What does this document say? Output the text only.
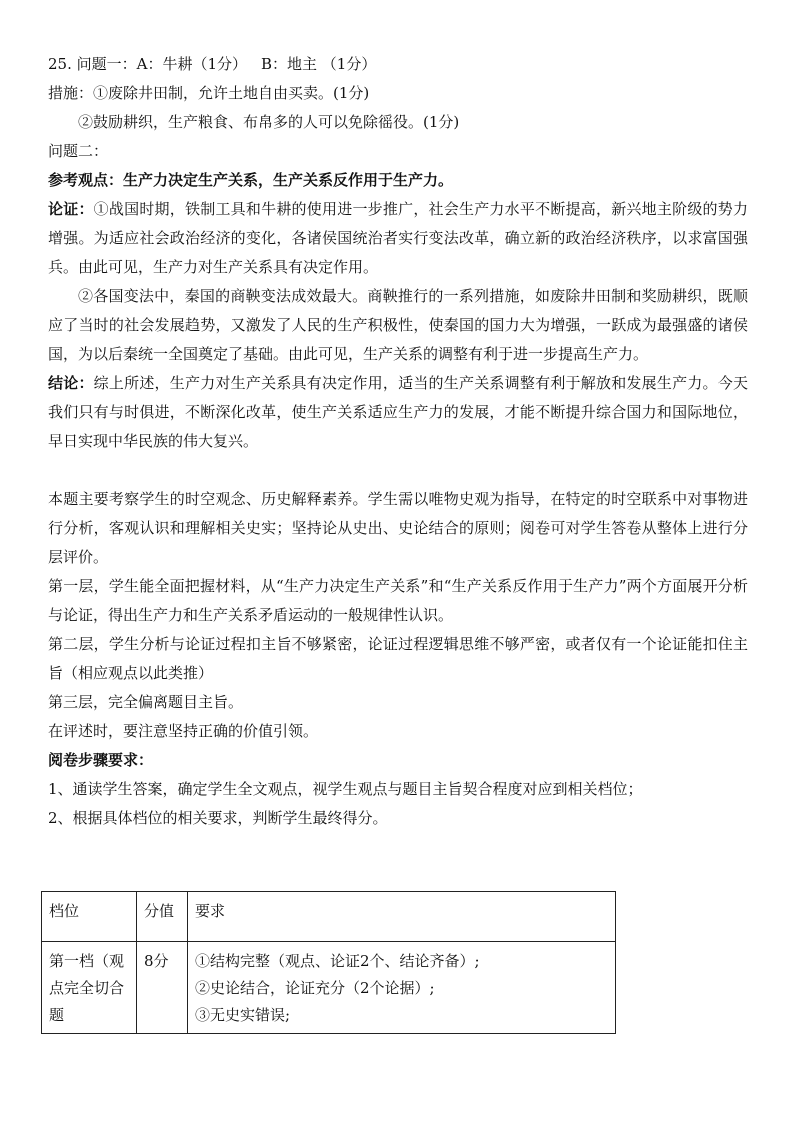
25. 问题一：A：牛耕（1分） B：地主 （1分）
措施：①废除井田制，允许土地自由买卖。(1分)
②鼓励耕织，生产粮食、布帛多的人可以免除徭役。(1分)
问题二：
参考观点：生产力决定生产关系，生产关系反作用于生产力。
论证：①战国时期，铁制工具和牛耕的使用进一步推广，社会生产力水平不断提高，新兴地主阶级的势力增强。为适应社会政治经济的变化，各诸侯国统治者实行变法改革，确立新的政治经济秩序，以求富国强兵。由此可见，生产力对生产关系具有决定作用。
②各国变法中，秦国的商鞅变法成效最大。商鞅推行的一系列措施，如废除井田制和奖励耕织，既顺应了当时的社会发展趋势，又激发了人民的生产积极性，使秦国的国力大为增强，一跃成为最强盛的诸侯国，为以后秦统一全国奠定了基础。由此可见，生产关系的调整有利于进一步提高生产力。
结论：综上所述，生产力对生产关系具有决定作用，适当的生产关系调整有利于解放和发展生产力。今天我们只有与时俱进，不断深化改革，使生产关系适应生产力的发展，才能不断提升综合国力和国际地位，早日实现中华民族的伟大复兴。
本题主要考察学生的时空观念、历史解释素养。学生需以唯物史观为指导，在特定的时空联系中对事物进行分析，客观认识和理解相关史实；坚持论从史出、史论结合的原则；阅卷可对学生答卷从整体上进行分层评价。
第一层，学生能全面把握材料，从“生产力决定生产关系”和“生产关系反作用于生产力”两个方面展开分析与论证，得出生产力和生产关系矛盾运动的一般规律性认识。
第二层，学生分析与论证过程扣主旨不够紧密，论证过程逻辑思维不够严密，或者仅有一个论证能扣住主旨（相应观点以此类推）
第三层，完全偏离题目主旨。
在评述时，要注意坚持正确的价值引领。
阅卷步骤要求：
1、通读学生答案，确定学生全文观点，视学生观点与题目主旨契合程度对应到相关档位；
2、根据具体档位的相关要求，判断学生最终得分。
档位	分值	要求
第一档（观点完全切合题	8分	①结构完整（观点、论证2个、结论齐备）;
②史论结合，论证充分（2个论据）;
③无史实错误;
